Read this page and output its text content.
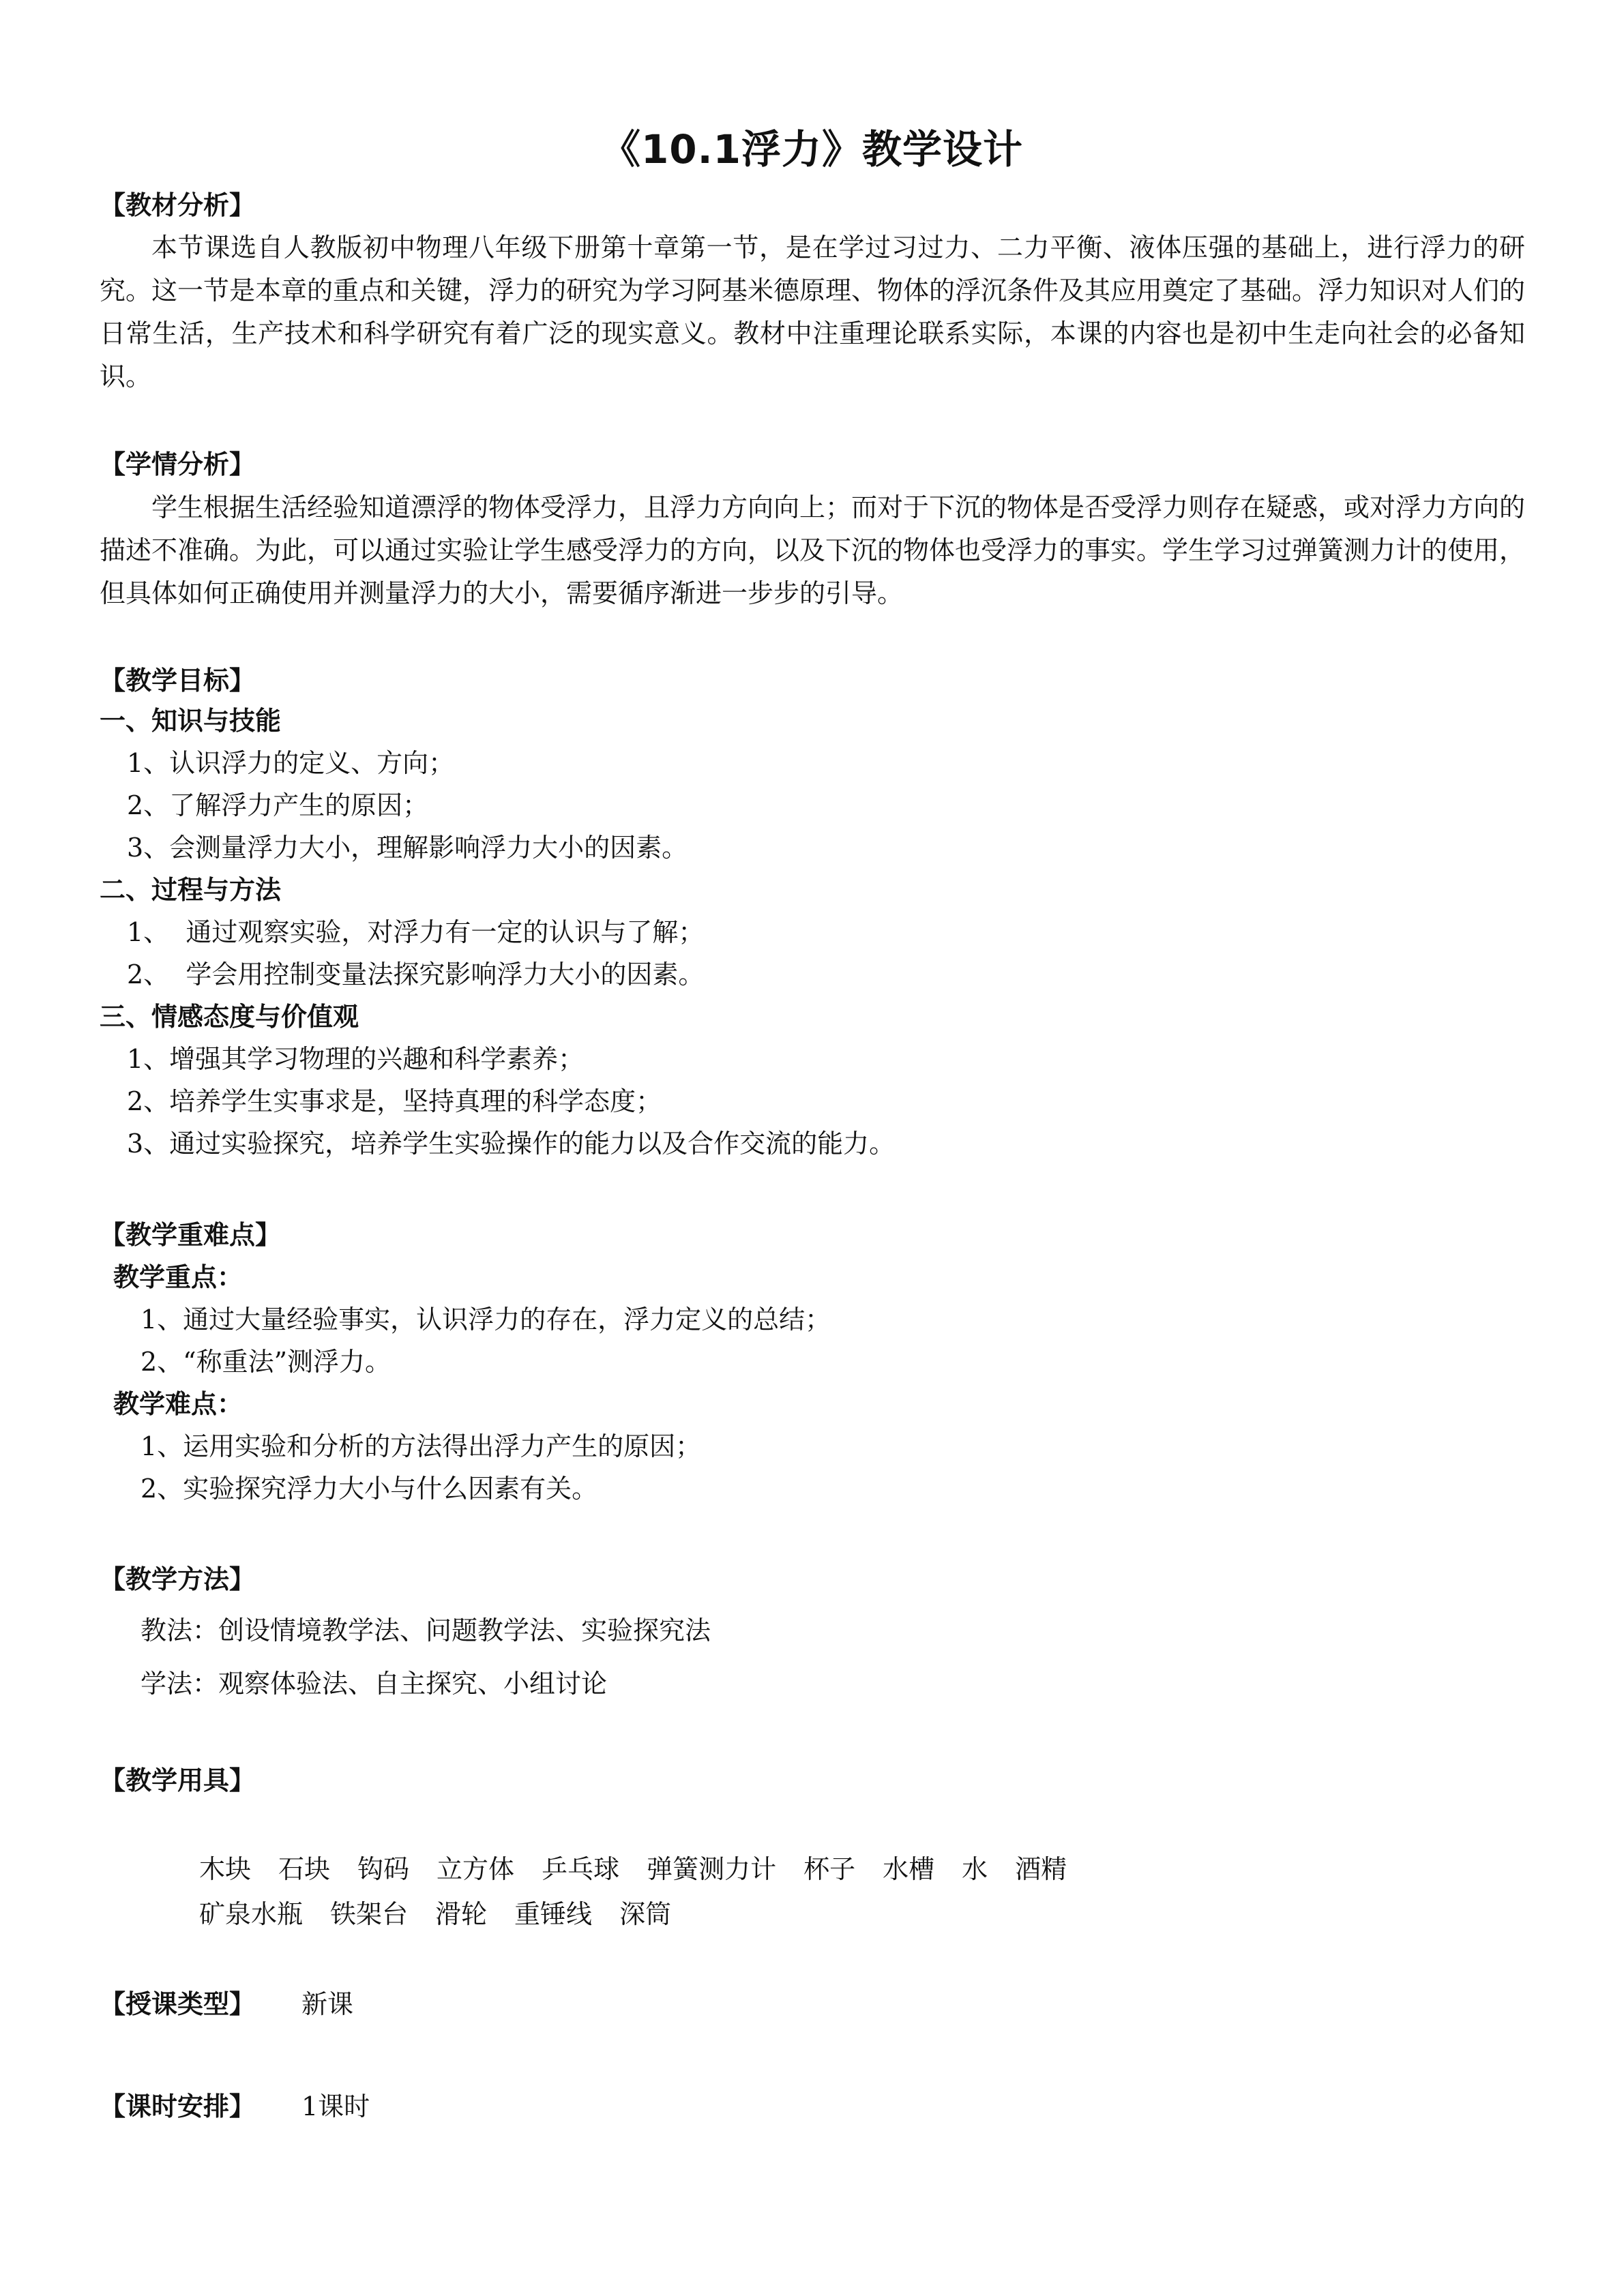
《10.1浮力》教学设计
【教材分析】

本节课选自人教版初中物理八年级下册第十章第一节，是在学过习过力、二力平衡、液体压强的基础上，进行浮力的研究。这一节是本章的重点和关键，浮力的研究为学习阿基米德原理、物体的浮沉条件及其应用奠定了基础。浮力知识对人们的日常生活，生产技术和科学研究有着广泛的现实意义。教材中注重理论联系实际，本课的内容也是初中生走向社会的必备知识。

【学情分析】

学生根据生活经验知道漂浮的物体受浮力，且浮力方向向上；而对于下沉的物体是否受浮力则存在疑惑，或对浮力方向的描述不准确。为此，可以通过实验让学生感受浮力的方向，以及下沉的物体也受浮力的事实。学生学习过弹簧测力计的使用，但具体如何正确使用并测量浮力的大小，需要循序渐进一步步的引导。

【教学目标】
一、知识与技能
1、认识浮力的定义、方向；
2、了解浮力产生的原因；
3、会测量浮力大小，理解影响浮力大小的因素。
二、过程与方法
1、  通过观察实验，对浮力有一定的认识与了解；
2、  学会用控制变量法探究影响浮力大小的因素。
三、情感态度与价值观
1、增强其学习物理的兴趣和科学素养；
2、培养学生实事求是，坚持真理的科学态度；
3、通过实验探究，培养学生实验操作的能力以及合作交流的能力。
【教学重难点】
教学重点：
1、通过大量经验事实，认识浮力的存在，浮力定义的总结；
2、“称重法”测浮力。
教学难点：
1、运用实验和分析的方法得出浮力产生的原因；
2、实验探究浮力大小与什么因素有关。
【教学方法】
教法：创设情境教学法、问题教学法、实验探究法
学法：观察体验法、自主探究、小组讨论
【教学用具】
木块 石块 钩码 立方体 乒乓球 弹簧测力计 杯子 水槽 水 酒精
矿泉水瓶 铁架台 滑轮 重锤线 深筒
【授课类型】 新课
【课时安排】 1课时
